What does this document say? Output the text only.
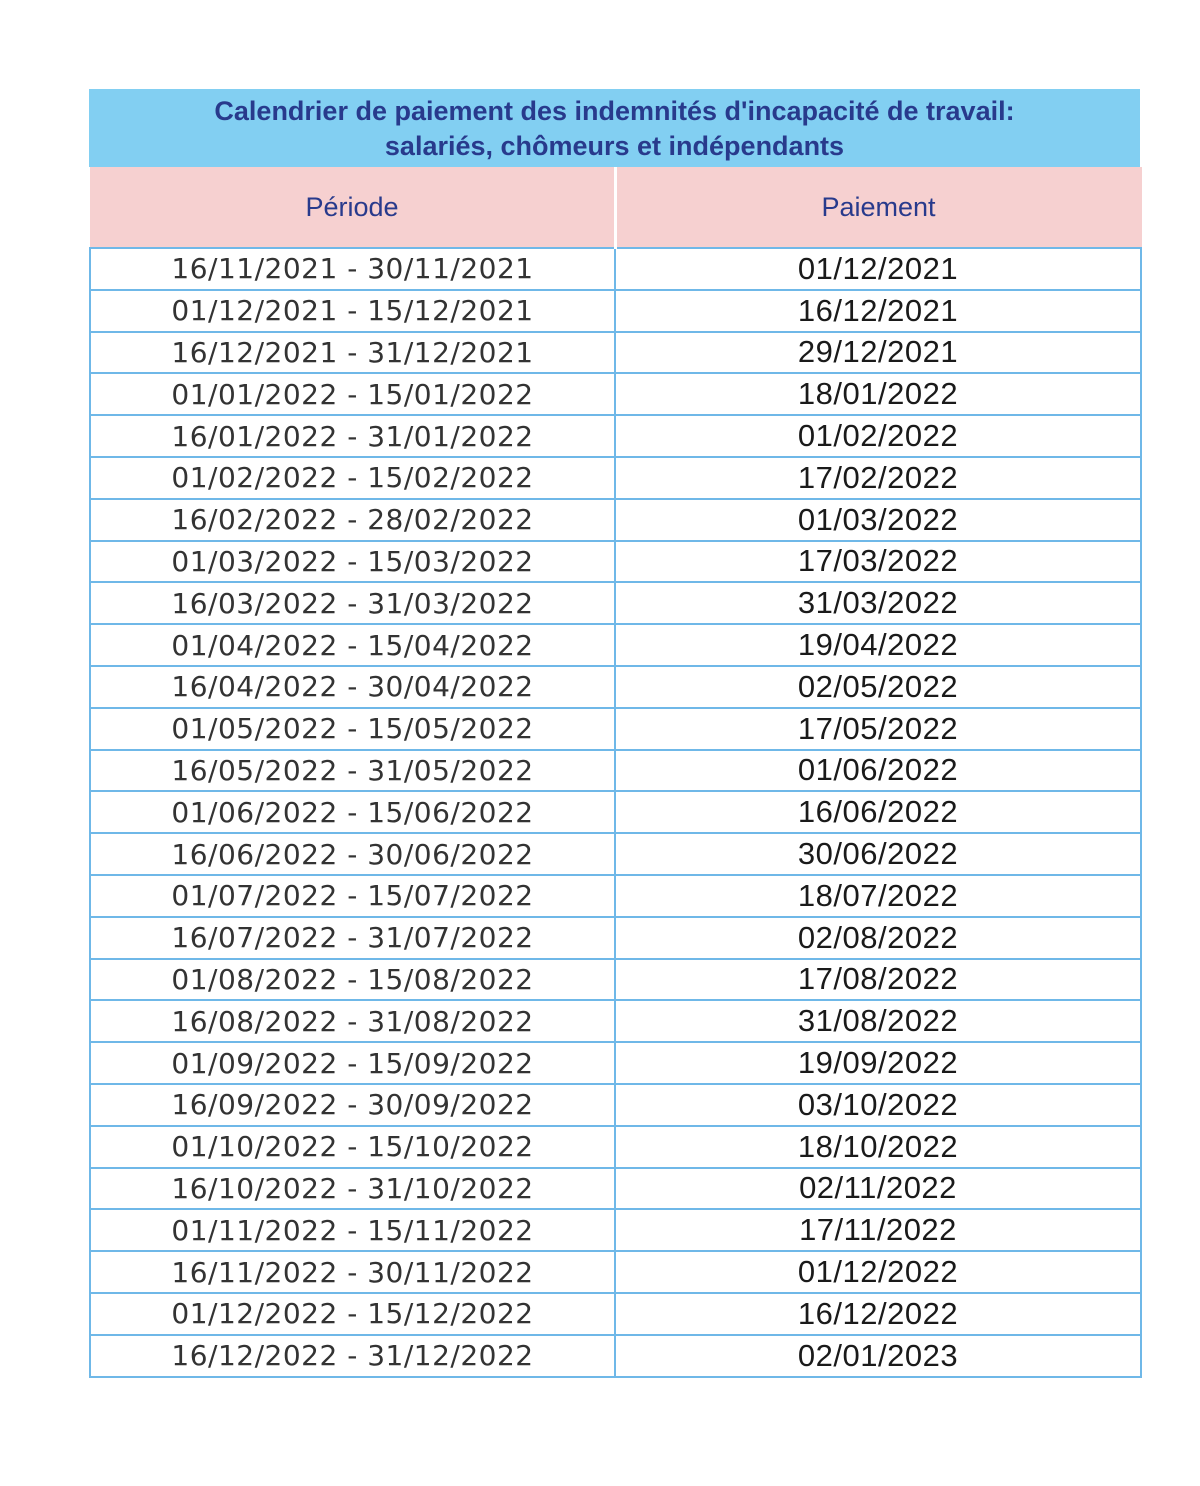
Calendrier de paiement des indemnités d'incapacité de travail:
salariés, chômeurs et indépendants
Période	Paiement
16/11/2021 - 30/11/2021	01/12/2021
01/12/2021 - 15/12/2021	16/12/2021
16/12/2021 - 31/12/2021	29/12/2021
01/01/2022 - 15/01/2022	18/01/2022
16/01/2022 - 31/01/2022	01/02/2022
01/02/2022 - 15/02/2022	17/02/2022
16/02/2022 - 28/02/2022	01/03/2022
01/03/2022 - 15/03/2022	17/03/2022
16/03/2022 - 31/03/2022	31/03/2022
01/04/2022 - 15/04/2022	19/04/2022
16/04/2022 - 30/04/2022	02/05/2022
01/05/2022 - 15/05/2022	17/05/2022
16/05/2022 - 31/05/2022	01/06/2022
01/06/2022 - 15/06/2022	16/06/2022
16/06/2022 - 30/06/2022	30/06/2022
01/07/2022 - 15/07/2022	18/07/2022
16/07/2022 - 31/07/2022	02/08/2022
01/08/2022 - 15/08/2022	17/08/2022
16/08/2022 - 31/08/2022	31/08/2022
01/09/2022 - 15/09/2022	19/09/2022
16/09/2022 - 30/09/2022	03/10/2022
01/10/2022 - 15/10/2022	18/10/2022
16/10/2022 - 31/10/2022	02/11/2022
01/11/2022 - 15/11/2022	17/11/2022
16/11/2022 - 30/11/2022	01/12/2022
01/12/2022 - 15/12/2022	16/12/2022
16/12/2022 - 31/12/2022	02/01/2023
